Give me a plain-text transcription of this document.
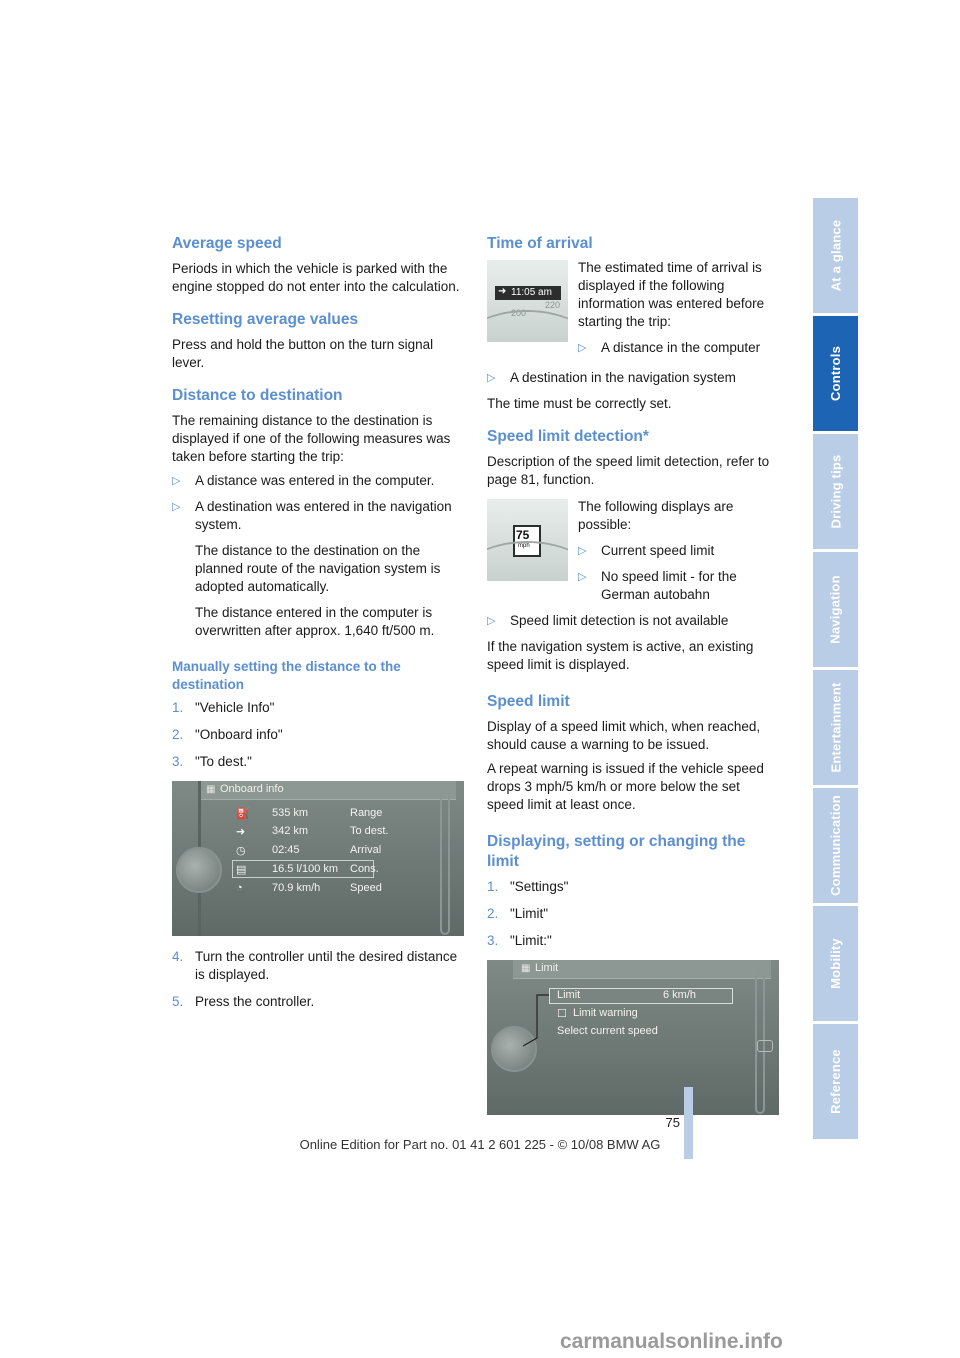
Average speed

Periods in which the vehicle is parked with the engine stopped do not enter into the calculation.

Resetting average values

Press and hold the button on the turn signal lever.

Distance to destination

The remaining distance to the destination is displayed if one of the following measures was taken before starting the trip:

▷ A distance was entered in the computer.
▷ A destination was entered in the navigation system.
The distance to the destination on the planned route of the navigation system is adopted automatically.
The distance entered in the computer is overwritten after approx. 1,640 ft/500 m.
Manually setting the distance to the destination
1. "Vehicle Info"
2. "Onboard info"
3. "To dest."
▦ Onboard info
⛽ 535 km	Range
➜ 342 km	To dest.
◷ 02:45	Arrival
▤ 16.5 l/100 km Cons.
◔	70.9 km/h	Speed
4. Turn the controller until the desired distance is displayed.
5. Press the controller.
Time of arrival
➜ 11:05 am
200
220

The estimated time of arrival is displayed if the following information was entered before starting the trip:

▷ A distance in the computer
▷ A destination in the navigation system

The time must be correctly set.

Speed limit detection*

Description of the speed limit detection, refer to page 81, function.

75
mph

The following displays are possible:

▷ Current speed limit
▷ No speed limit - for the German autobahn
▷ Speed limit detection is not available

If the navigation system is active, an existing speed limit is displayed.

Speed limit

Display of a speed limit which, when reached, should cause a warning to be issued.

A repeat warning is issued if the vehicle speed drops 3 mph/5 km/h or more below the set speed limit at least once.

Displaying, setting or changing the limit
1. "Settings"
2. "Limit"
3. "Limit:"
▦ Limit
Limit	6 km/h
☐ Limit warning
Select current speed
At a glance
Controls
Driving tips
Navigation
Entertainment
Communication
Mobility
Reference
75
Online Edition for Part no. 01 41 2 601 225 - © 10/08 BMW AG
carmanualsonline.info
